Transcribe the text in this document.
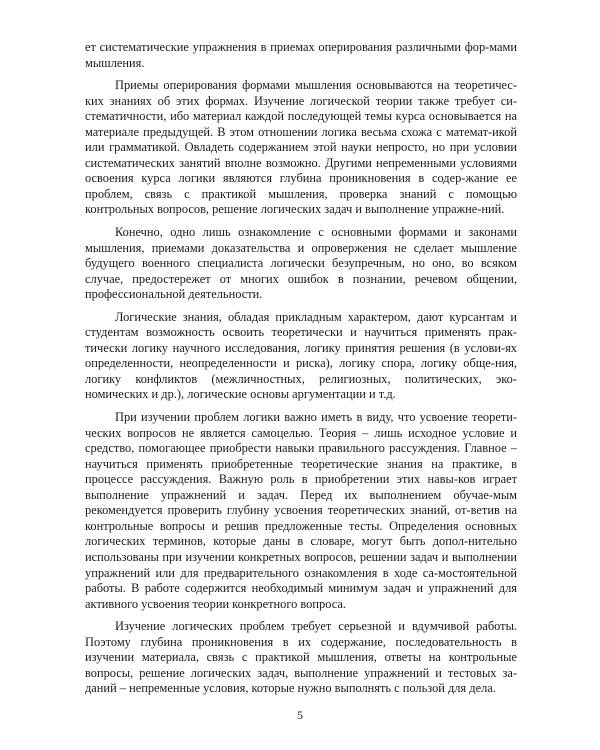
ет систематические упражнения в приемах оперирования различными фор-мами мышления.

Приемы оперирования формами мышления основываются на теоретичес-ких знаниях об этих формах. Изучение логической теории также требует си-стематичности, ибо материал каждой последующей темы курса основывается на материале предыдущей. В этом отношении логика весьма схожа с математ-икой или грамматикой. Овладеть содержанием этой науки непросто, но при условии систематических занятий вполне возможно. Другими непременными условиями освоения курса логики являются глубина проникновения в содер-жание ее проблем, связь с практикой мышления, проверка знаний с помощью контрольных вопросов, решение логических задач и выполнение упражне-ний.

Конечно, одно лишь ознакомление с основными формами и законами мышления, приемами доказательства и опровержения не сделает мышление будущего военного специалиста логически безупречным, но оно, во всяком случае, предостережет от многих ошибок в познании, речевом общении, профессиональной деятельности.

Логические знания, обладая прикладным характером, дают курсантам и студентам возможность освоить теоретически и научиться применять прак-тически логику научного исследования, логику принятия решения (в услови-ях определенности, неопределенности и риска), логику спора, логику обще-ния, логику конфликтов (межличностных, религиозных, политических, эко-номических и др.), логические основы аргументации и т.д.

При изучении проблем логики важно иметь в виду, что усвоение теорети-ческих вопросов не является самоцелью. Теория – лишь исходное условие и средство, помогающее приобрести навыки правильного рассуждения. Главное – научиться применять приобретенные теоретические знания на практике, в процессе рассуждения. Важную роль в приобретении этих навы-ков играет выполнение упражнений и задач. Перед их выполнением обучае-мым рекомендуется проверить глубину усвоения теоретических знаний, от-ветив на контрольные вопросы и решив предложенные тесты. Определения основных логических терминов, которые даны в словаре, могут быть допол-нительно использованы при изучении конкретных вопросов, решении задач и выполнении упражнений или для предварительного ознакомления в ходе са-мостоятельной работы. В работе содержится необходимый минимум задач и упражнений для активного усвоения теории конкретного вопроса.

Изучение логических проблем требует серьезной и вдумчивой работы. Поэтому глубина проникновения в их содержание, последовательность в изучении материала, связь с практикой мышления, ответы на контрольные вопросы, решение логических задач, выполнение упражнений и тестовых за-даний – непременные условия, которые нужно выполнять с пользой для дела.

5
